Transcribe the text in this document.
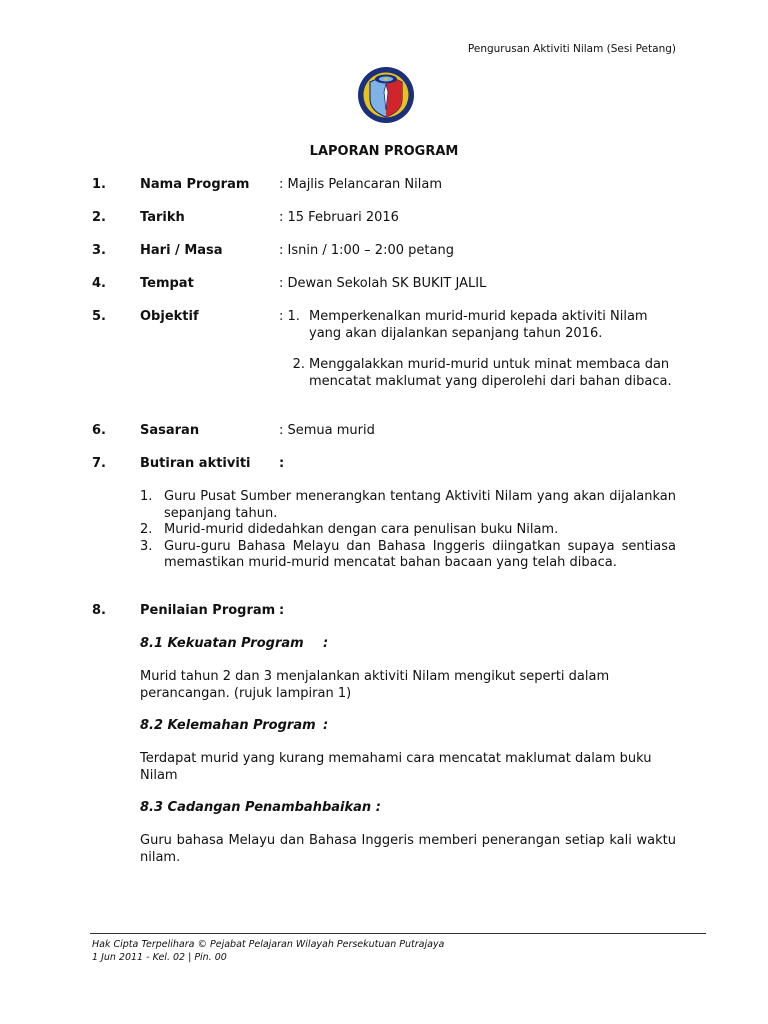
Pengurusan Aktiviti Nilam (Sesi Petang)
LAPORAN PROGRAM
1.	Nama Program : Majlis Pelancaran Nilam
2.	Tarikh	: 15 Februari 2016
3.	Hari / Masa	: Isnin / 1:00 – 2:00 petang
4.	Tempat	: Dewan Sekolah SK BUKIT JALIL
5.	Objektif	: 1. Memperkenalkan murid-murid kepada aktiviti Nilam yang akan dijalankan sepanjang tahun 2016.
2. Menggalakkan murid-murid untuk minat membaca dan mencatat maklumat yang diperolehi dari bahan dibaca.
6.	Sasaran	: Semua murid
7.	Butiran aktiviti :
1. Guru Pusat Sumber menerangkan tentang Aktiviti Nilam yang akan dijalankan sepanjang tahun.
2. Murid-murid didedahkan dengan cara penulisan buku Nilam.
3. Guru-guru Bahasa Melayu dan Bahasa Inggeris diingatkan supaya sentiasa memastikan murid-murid mencatat bahan bacaan yang telah dibaca.
8.	Penilaian Program :
8.1 Kekuatan Program :
Murid tahun 2 dan 3 menjalankan aktiviti Nilam mengikut seperti dalam perancangan. (rujuk lampiran 1)
8.2 Kelemahan Program :
Terdapat murid yang kurang memahami cara mencatat maklumat dalam buku Nilam
8.3 Cadangan Penambahbaikan :
Guru bahasa Melayu dan Bahasa Inggeris memberi penerangan setiap kali waktu nilam.
Hak Cipta Terpelihara © Pejabat Pelajaran Wilayah Persekutuan Putrajaya
1 Jun 2011 - Kel. 02 | Pin. 00
